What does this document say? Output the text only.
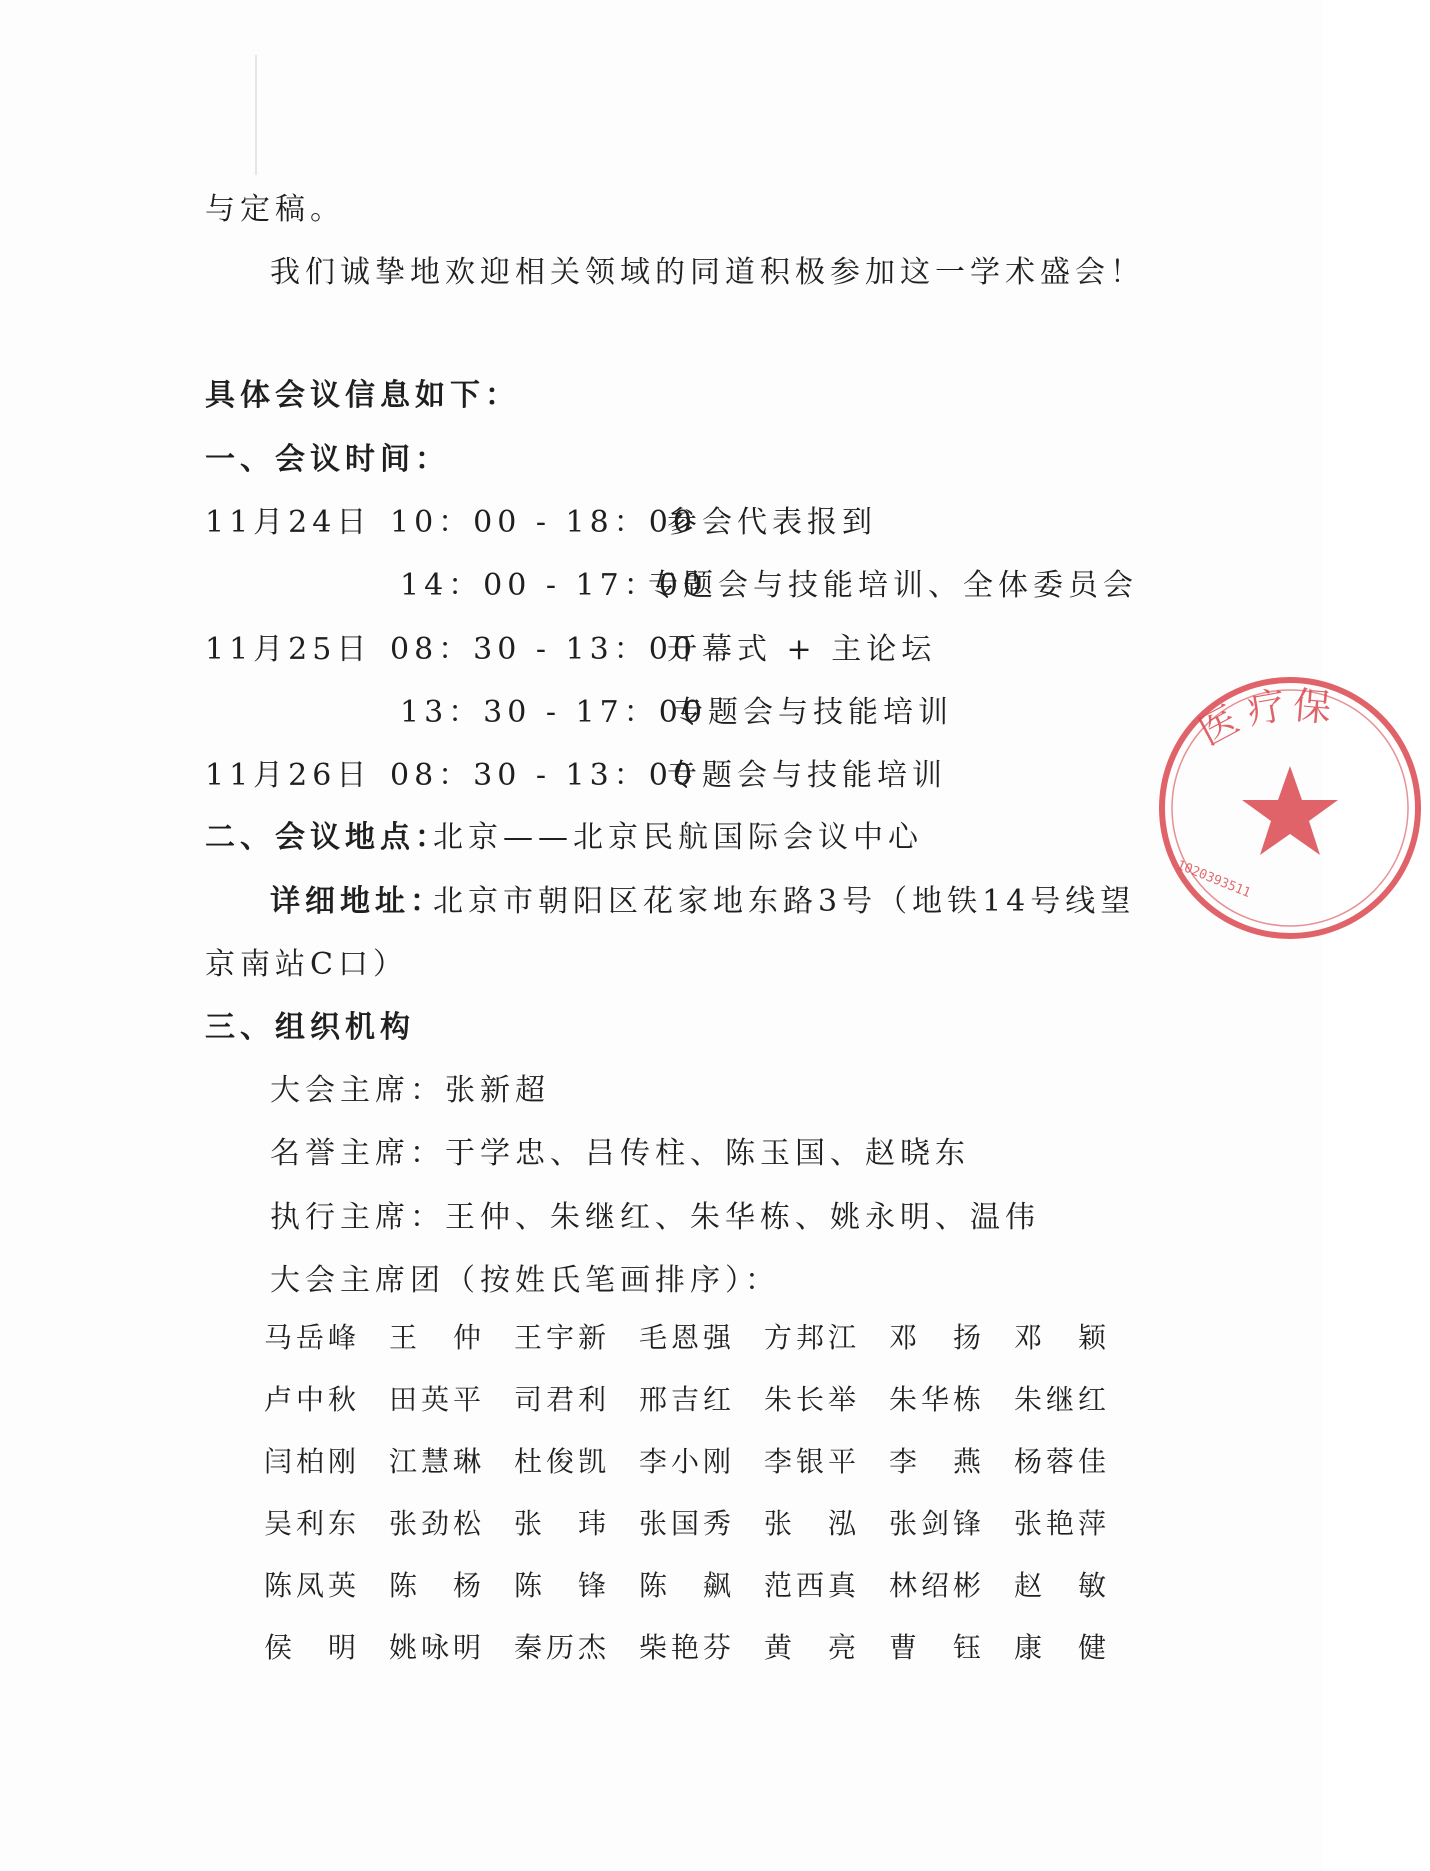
与定稿。
我们诚挚地欢迎相关领域的同道积极参加这一学术盛会！
具体会议信息如下：
一、会议时间：
11月24日 10：00 - 18：00
参会代表报到
14：00 - 17：00
专题会与技能培训、全体委员会
11月25日 08：30 - 13：00
开幕式 + 主论坛
13：30 - 17：00
专题会与技能培训
11月26日 08：30 - 13：00
专题会与技能培训
二、会议地点：
北京——北京民航国际会议中心
详细地址：
北京市朝阳区花家地东路3号（地铁14号线望
京南站C口）
三、组织机构
大会主席：张新超
名誉主席：于学忠、吕传柱、陈玉国、赵晓东
执行主席：王仲、朱继红、朱华栋、姚永明、温伟
大会主席团（按姓氏笔画排序）：
马 岳 峰 王 仲 王 宇 新 毛 恩 强 方 邦 江 邓 扬 邓 颖
卢 中 秋 田 英 平 司 君 利 邢 吉 红 朱 长 举 朱 华 栋 朱 继 红
闫 柏 刚 江 慧 琳 杜 俊 凯 李 小 刚 李 银 平 李 燕 杨 蓉 佳
吴 利 东 张 劲 松 张 玮 张 国 秀 张 泓 张 剑 锋 张 艳 萍
陈 凤 英 陈 杨 陈 锋 陈 飙 范 西 真 林 绍 彬 赵 敏
侯 明 姚 咏 明 秦 历 杰 柴 艳 芬 黄 亮 曹 钰 康 健
医
疗 保
1020393511
